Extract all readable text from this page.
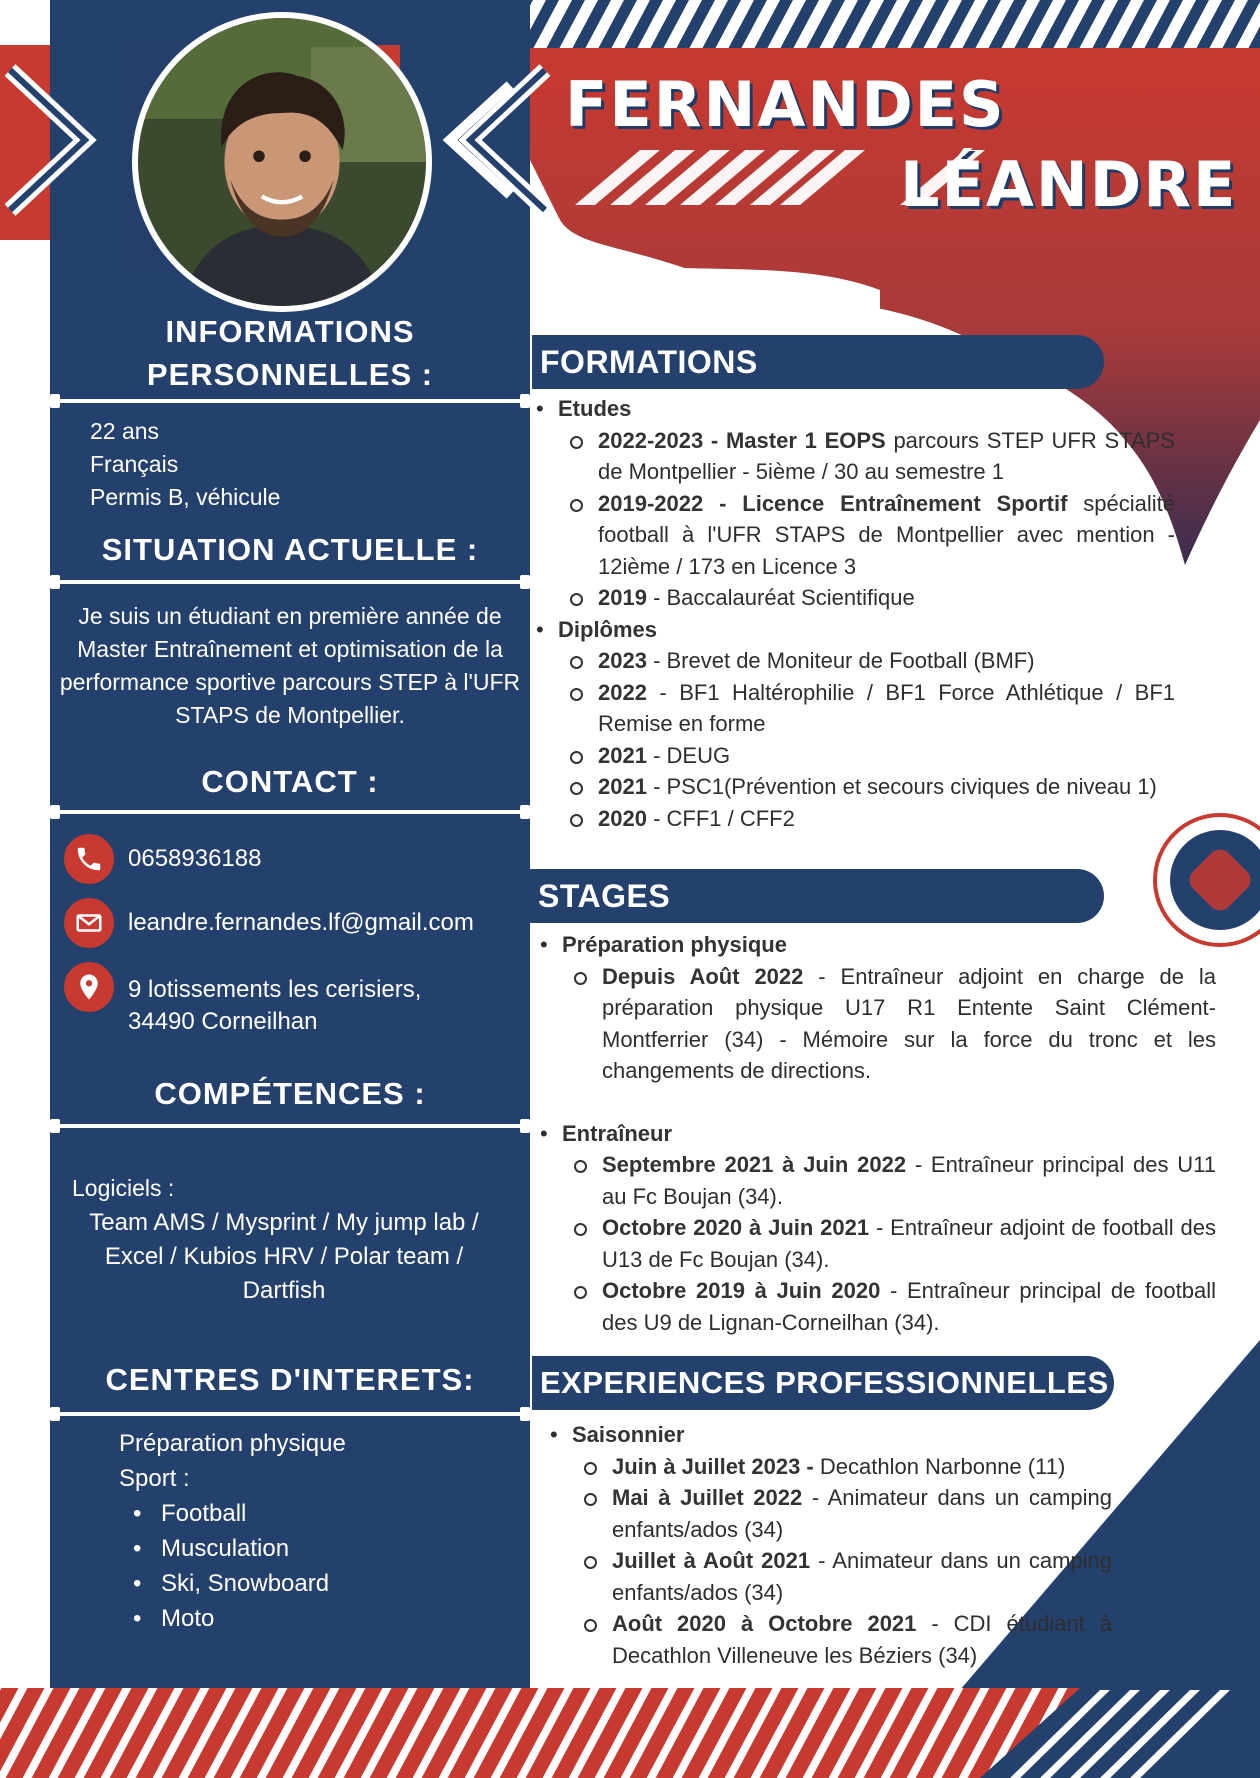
FERNANDES
LÉANDRE
INFORMATIONS PERSONNELLES :
22 ans
Français
Permis B, véhicule
SITUATION ACTUELLE :
Je suis un étudiant en première année de Master Entraînement et optimisation de la performance sportive parcours STEP à l'UFR STAPS de Montpellier.
CONTACT :
0658936188
leandre.fernandes.lf@gmail.com
9 lotissements les cerisiers,
34490 Corneilhan
COMPÉTENCES :
Logiciels :
Team AMS / Mysprint / My jump lab / Excel / Kubios HRV / Polar team / Dartfish
CENTRES D'INTERETS:
Préparation physique
Sport :
• Football
• Musculation
• Ski, Snowboard
• Moto
FORMATIONS
• Etudes
2022-2023 - Master 1 EOPS parcours STEP UFR STAPS de Montpellier - 5ième / 30 au semestre 1
2019-2022 - Licence Entraînement Sportif spécialité football à l'UFR STAPS de Montpellier avec mention - 12ième / 173 en Licence 3
2019 - Baccalauréat Scientifique
• Diplômes
2023 - Brevet de Moniteur de Football (BMF)
2022 - BF1 Haltérophilie / BF1 Force Athlétique / BF1 Remise en forme
2021 - DEUG
2021 - PSC1(Prévention et secours civiques de niveau 1)
2020 - CFF1 / CFF2
STAGES
• Préparation physique
Depuis Août 2022 - Entraîneur adjoint en charge de la préparation physique U17 R1 Entente Saint Clément-Montferrier (34) - Mémoire sur la force du tronc et les changements de directions.
• Entraîneur
Septembre 2021 à Juin 2022 - Entraîneur principal des U11 au Fc Boujan (34).
Octobre 2020 à Juin 2021 - Entraîneur adjoint de football des U13 de Fc Boujan (34).
Octobre 2019 à Juin 2020 - Entraîneur principal de football des U9 de Lignan-Corneilhan (34).
EXPERIENCES PROFESSIONNELLES
• Saisonnier
Juin à Juillet 2023 - Decathlon Narbonne (11)
Mai à Juillet 2022 - Animateur dans un camping enfants/ados (34)
Juillet à Août 2021 - Animateur dans un camping enfants/ados (34)
Août 2020 à Octobre 2021 - CDI étudiant à Decathlon Villeneuve les Béziers (34)
